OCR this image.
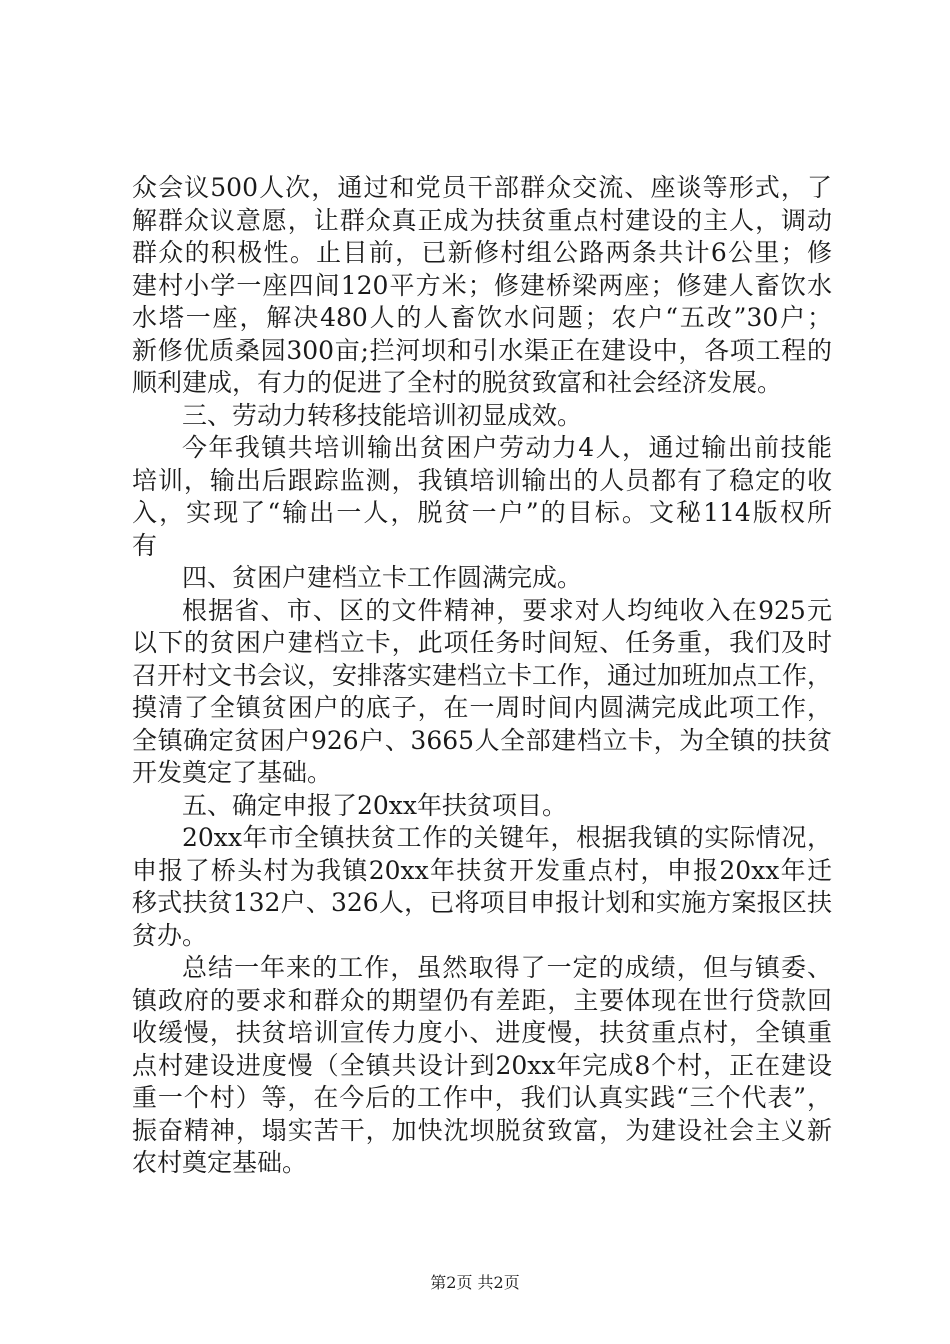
众会议500人次，通过和党员干部群众交流、座谈等形式，了
解群众议意愿，让群众真正成为扶贫重点村建设的主人，调动
群众的积极性。止目前，已新修村组公路两条共计6公里；修
建村小学一座四间120平方米；修建桥梁两座；修建人畜饮水
水塔一座，解决480人的人畜饮水问题；农户“五改”30户；
新修优质桑园300亩;拦河坝和引水渠正在建设中，各项工程的
顺利建成，有力的促进了全村的脱贫致富和社会经济发展。
三、劳动力转移技能培训初显成效。
今年我镇共培训输出贫困户劳动力4人，通过输出前技能
培训，输出后跟踪监测，我镇培训输出的人员都有了稳定的收
入，实现了“输出一人，脱贫一户”的目标。文秘114版权所
有
四、贫困户建档立卡工作圆满完成。
根据省、市、区的文件精神，要求对人均纯收入在925元
以下的贫困户建档立卡，此项任务时间短、任务重，我们及时
召开村文书会议，安排落实建档立卡工作，通过加班加点工作，
摸清了全镇贫困户的底子，在一周时间内圆满完成此项工作，
全镇确定贫困户926户、3665人全部建档立卡，为全镇的扶贫
开发奠定了基础。
五、确定申报了20xx年扶贫项目。
20xx年市全镇扶贫工作的关键年，根据我镇的实际情况，
申报了桥头村为我镇20xx年扶贫开发重点村，申报20xx年迁
移式扶贫132户、326人，已将项目申报计划和实施方案报区扶
贫办。
总结一年来的工作，虽然取得了一定的成绩，但与镇委、
镇政府的要求和群众的期望仍有差距，主要体现在世行贷款回
收缓慢，扶贫培训宣传力度小、进度慢，扶贫重点村，全镇重
点村建设进度慢（全镇共设计到20xx年完成8个村，正在建设
重一个村）等，在今后的工作中，我们认真实践“三个代表”，
振奋精神，塌实苦干，加快沈坝脱贫致富，为建设社会主义新
农村奠定基础。
第2页 共2页
